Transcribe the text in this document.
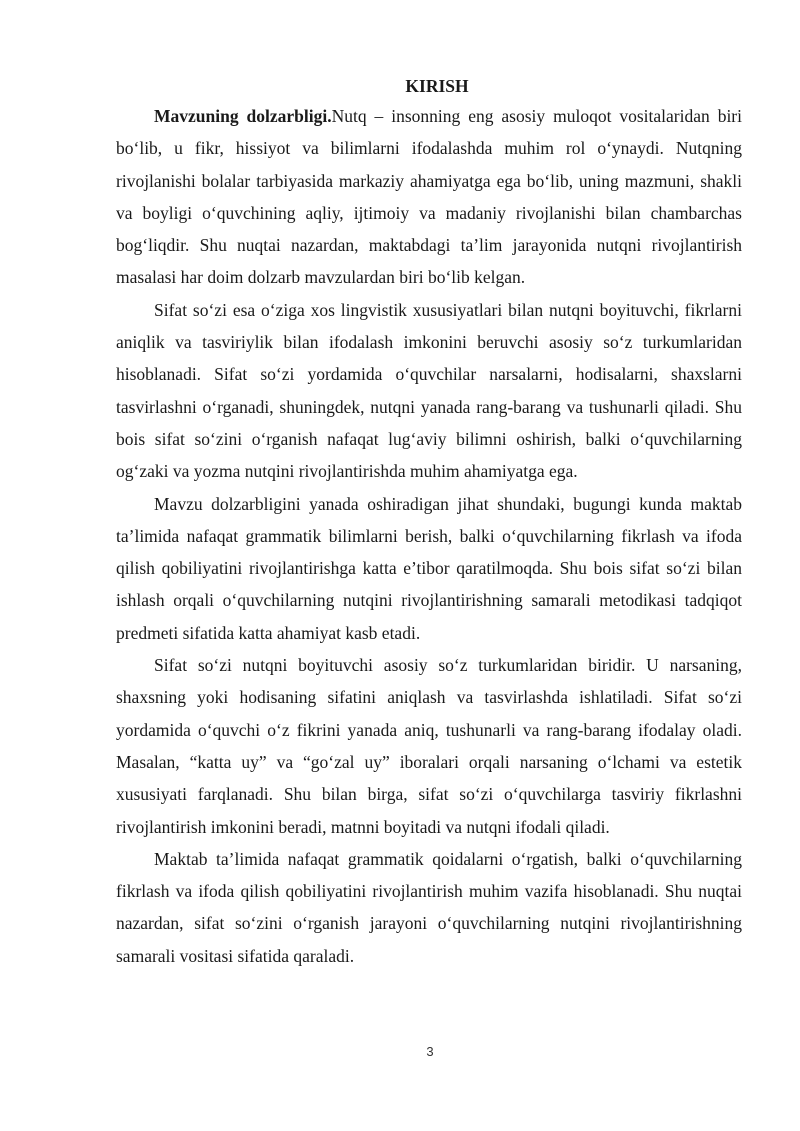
KIRISH

Mavzuning dolzarbligi.Nutq – insonning eng asosiy muloqot vositalaridan biri bo‘lib, u fikr, hissiyot va bilimlarni ifodalashda muhim rol o‘ynaydi. Nutqning rivojlanishi bolalar tarbiyasida markaziy ahamiyatga ega bo‘lib, uning mazmuni, shakli va boyligi o‘quvchining aqliy, ijtimoiy va madaniy rivojlanishi bilan chambarchas bog‘liqdir. Shu nuqtai nazardan, maktabdagi ta’lim jarayonida nutqni rivojlantirish masalasi har doim dolzarb mavzulardan biri bo‘lib kelgan.

Sifat so‘zi esa o‘ziga xos lingvistik xususiyatlari bilan nutqni boyituvchi, fikrlarni aniqlik va tasviriylik bilan ifodalash imkonini beruvchi asosiy so‘z turkumlaridan hisoblanadi. Sifat so‘zi yordamida o‘quvchilar narsalarni, hodisalarni, shaxslarni tasvirlashni o‘rganadi, shuningdek, nutqni yanada rang-barang va tushunarli qiladi. Shu bois sifat so‘zini o‘rganish nafaqat lug‘aviy bilimni oshirish, balki o‘quvchilarning og‘zaki va yozma nutqini rivojlantirishda muhim ahamiyatga ega.

Mavzu dolzarbligini yanada oshiradigan jihat shundaki, bugungi kunda maktab ta’limida nafaqat grammatik bilimlarni berish, balki o‘quvchilarning fikrlash va ifoda qilish qobiliyatini rivojlantirishga katta e’tibor qaratilmoqda. Shu bois sifat so‘zi bilan ishlash orqali o‘quvchilarning nutqini rivojlantirishning samarali metodikasi tadqiqot predmeti sifatida katta ahamiyat kasb etadi.

Sifat so‘zi nutqni boyituvchi asosiy so‘z turkumlaridan biridir. U narsaning, shaxsning yoki hodisaning sifatini aniqlash va tasvirlashda ishlatiladi. Sifat so‘zi yordamida o‘quvchi o‘z fikrini yanada aniq, tushunarli va rang-barang ifodalay oladi. Masalan, “katta uy” va “go‘zal uy” iboralari orqali narsaning o‘lchami va estetik xususiyati farqlanadi. Shu bilan birga, sifat so‘zi o‘quvchilarga tasviriy fikrlashni rivojlantirish imkonini beradi, matnni boyitadi va nutqni ifodali qiladi.

Maktab ta’limida nafaqat grammatik qoidalarni o‘rgatish, balki o‘quvchilarning fikrlash va ifoda qilish qobiliyatini rivojlantirish muhim vazifa hisoblanadi. Shu nuqtai nazardan, sifat so‘zini o‘rganish jarayoni o‘quvchilarning nutqini rivojlantirishning samarali vositasi sifatida qaraladi.

3
